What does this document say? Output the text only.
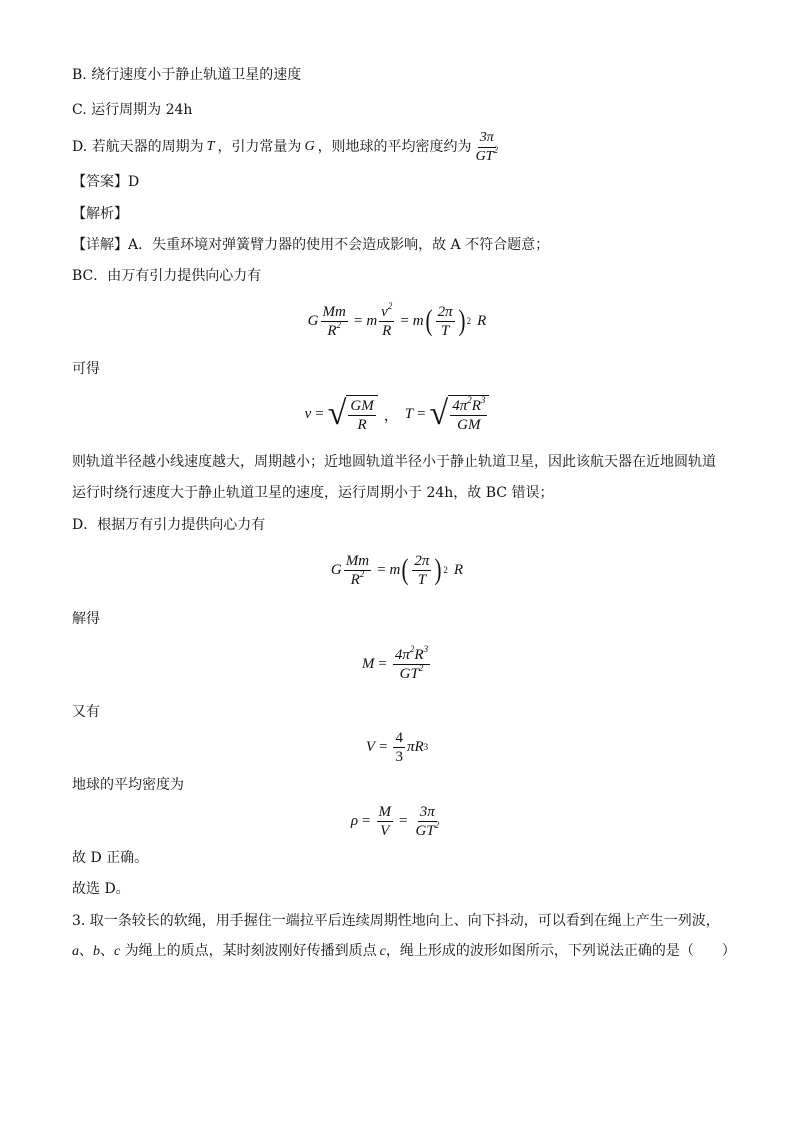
B. 绕行速度小于静止轨道卫星的速度
C. 运行周期为 24h
D. 若航天器的周期为 T ，引力常量为 G ，则地球的平均密度约为 $\frac{3\pi}{GT^2}$
【答案】D
【解析】
【详解】A．失重环境对弹簧臂力器的使用不会造成影响，故 A 不符合题意；
BC．由万有引力提供向心力有
G $\frac{Mm}{R^2} = m \frac{v^2}{R} = m$ ( $\frac{2\pi}{T}$ ) 2 R
可得
v = √ $\frac{GM}{R}$ ， T = √ $\frac{4\pi^2R^3}{GM}$
则轨道半径越小线速度越大，周期越小；近地圆轨道半径小于静止轨道卫星，因此该航天器在近地圆轨道
运行时绕行速度大于静止轨道卫星的速度，运行周期小于 24h，故 BC 错误；
D．根据万有引力提供向心力有
G $\frac{Mm}{R^2} = m$ ( $\frac{2\pi}{T}$ ) 2 R
解得
$M = \frac{4\pi^2R^3}{GT^2}$
又有
$V = \frac{4}{3}$ π R 3
地球的平均密度为
$\rho = \frac{M}{V} = \frac{3\pi}{GT^2}$
故 D 正确。
故选 D。
3. 取一条较长的软绳，用手握住一端拉平后连续周期性地向上、向下抖动，可以看到在绳上产生一列波，
a、b、c 为绳上的质点，某时刻波刚好传播到质点 c，绳上形成的波形如图所示，下列说法正确的是（　　）
